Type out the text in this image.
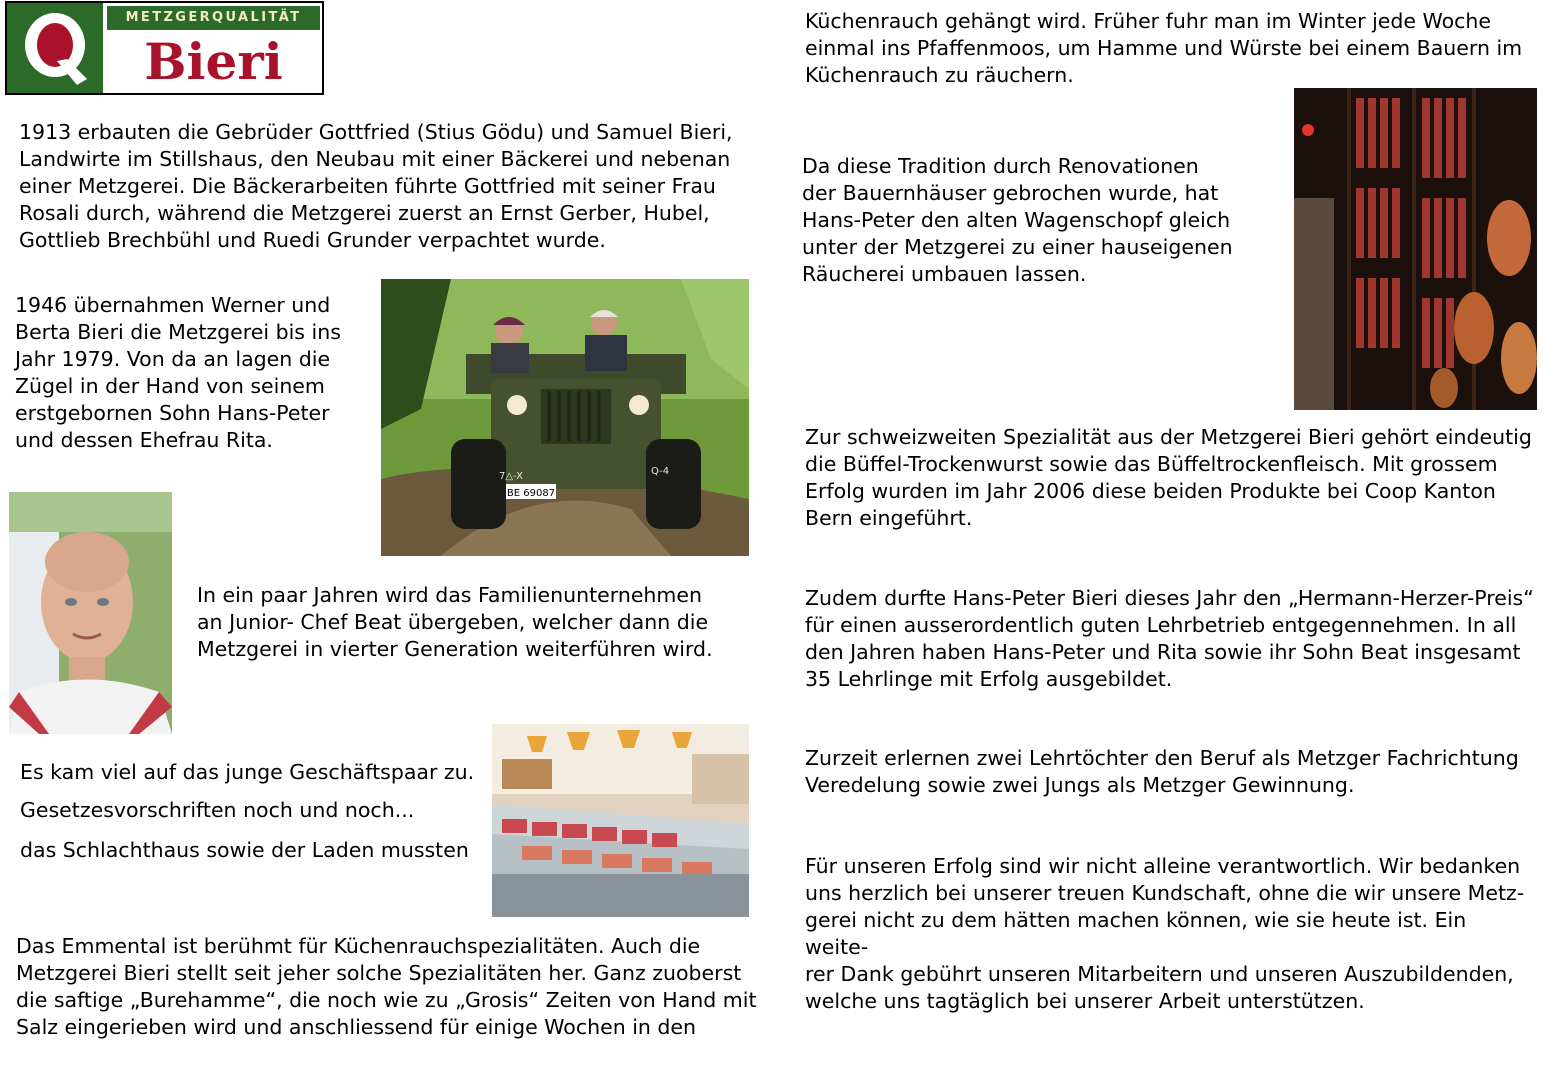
METZGERQUALITÄT
Bieri

1913 erbauten die Gebrüder Gottfried (Stius Gödu) und Samuel Bieri,
Landwirte im Stillshaus, den Neubau mit einer Bäckerei und nebenan
einer Metzgerei. Die Bäckerarbeiten führte Gottfried mit seiner Frau
Rosali durch, während die Metzgerei zuerst an Ernst Gerber, Hubel,
Gottlieb Brechbühl und Ruedi Grunder verpachtet wurde.

1946 übernahmen Werner und
Berta Bieri die Metzgerei bis ins
Jahr 1979. Von da an lagen die
Zügel in der Hand von seinem
erstgebornen Sohn Hans-Peter
und dessen Ehefrau Rita.

In ein paar Jahren wird das Familienunternehmen
an Junior- Chef Beat übergeben, welcher dann die
Metzgerei in vierter Generation weiterführen wird.

Es kam viel auf das junge Geschäftspaar zu.

Gesetzesvorschriften noch und noch...

das Schlachthaus sowie der Laden mussten

Das Emmental ist berühmt für Küchenrauchspezialitäten. Auch die
Metzgerei Bieri stellt seit jeher solche Spezialitäten her. Ganz zuoberst
die saftige „Burehamme“, die noch wie zu „Grosis“ Zeiten von Hand mit
Salz eingerieben wird und anschliessend für einige Wochen in den

Küchenrauch gehängt wird. Früher fuhr man im Winter jede Woche
einmal ins Pfaffenmoos, um Hamme und Würste bei einem Bauern im
Küchenrauch zu räuchern.

Da diese Tradition durch Renovationen
der Bauernhäuser gebrochen wurde, hat
Hans-Peter den alten Wagenschopf gleich
unter der Metzgerei zu einer hauseigenen
Räucherei umbauen lassen.

Zur schweizweiten Spezialität aus der Metzgerei Bieri gehört eindeutig
die Büffel-Trockenwurst sowie das Büffeltrockenfleisch. Mit grossem
Erfolg wurden im Jahr 2006 diese beiden Produkte bei Coop Kanton
Bern eingeführt.

Zudem durfte Hans-Peter Bieri dieses Jahr den „Hermann-Herzer-Preis“
für einen ausserordentlich guten Lehrbetrieb entgegennehmen. In all
den Jahren haben Hans-Peter und Rita sowie ihr Sohn Beat insgesamt
35 Lehrlinge mit Erfolg ausgebildet.

Zurzeit erlernen zwei Lehrtöchter den Beruf als Metzger Fachrichtung
Veredelung sowie zwei Jungs als Metzger Gewinnung.

Für unseren Erfolg sind wir nicht alleine verantwortlich. Wir bedanken
uns herzlich bei unserer treuen Kundschaft, ohne die wir unsere Metz-
gerei nicht zu dem hätten machen können, wie sie heute ist. Ein weite-
rer Dank gebührt unseren Mitarbeitern und unseren Auszubildenden,
welche uns tagtäglich bei unserer Arbeit unterstützen.

BE 69087
7△-X	Q-4
